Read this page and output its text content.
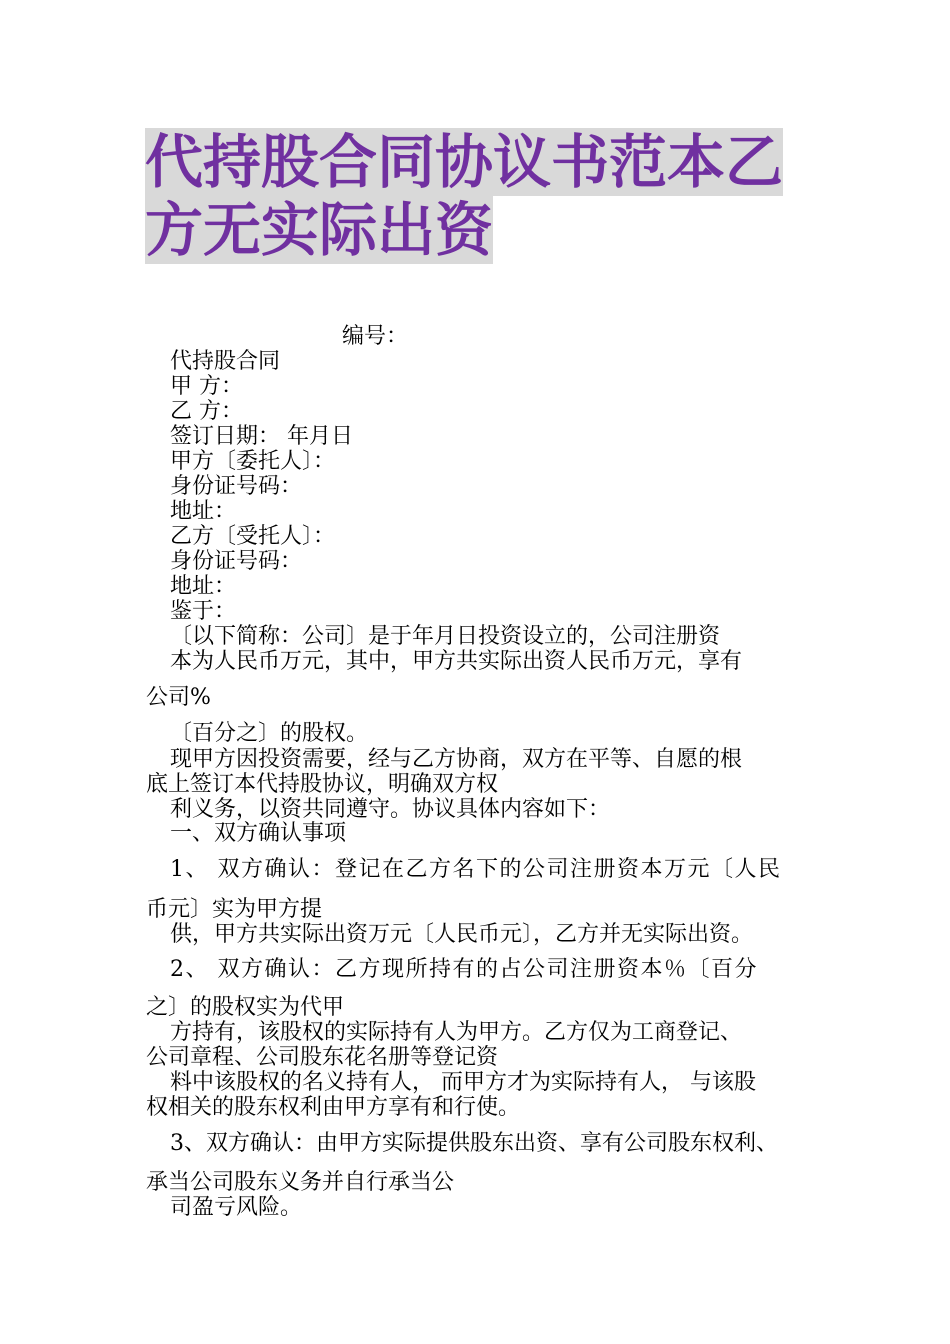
代持股合同协议书范本乙
方无实际出资
编号：
代持股合同
甲 方：
乙 方：
签订日期： 年月日
甲方〔委托人〕：
身份证号码：
地址：
乙方〔受托人〕：
身份证号码：
地址：
鉴于：
〔以下简称：公司〕是于年月日投资设立的，公司注册资
本为人民币万元，其中，甲方共实际出资人民币万元，享有
公司%
〔百分之〕的股权。
现甲方因投资需要，经与乙方协商，双方在平等、自愿的根
底上签订本代持股协议，明确双方权
利义务，以资共同遵守。协议具体内容如下：
一、双方确认事项
1、 双方确认：登记在乙方名下的公司注册资本万元〔人民
币元〕实为甲方提
供，甲方共实际出资万元〔人民币元〕，乙方并无实际出资。
2、 双方确认：乙方现所持有的占公司注册资本％〔百分
之〕的股权实为代甲
方持有，该股权的实际持有人为甲方。乙方仅为工商登记、
公司章程、公司股东花名册等登记资
料中该股权的名义持有人， 而甲方才为实际持有人， 与该股
权相关的股东权利由甲方享有和行使。
3、双方确认：由甲方实际提供股东出资、享有公司股东权利、
承当公司股东义务并自行承当公
司盈亏风险。
